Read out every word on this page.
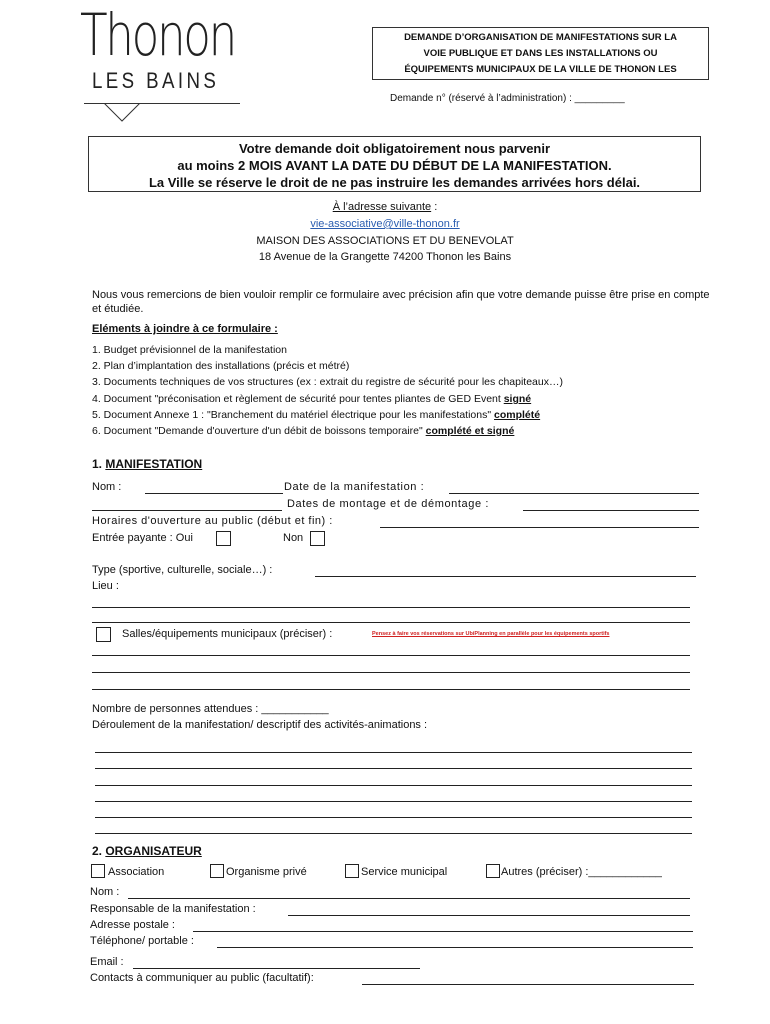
Thonon
LES BAINS
DEMANDE D’ORGANISATION DE MANIFESTATIONS SUR LA
VOIE PUBLIQUE ET DANS LES INSTALLATIONS OU
ÉQUIPEMENTS MUNICIPAUX DE LA VILLE DE THONON LES
Demande n° (réservé à l’administration) : _________
Votre demande doit obligatoirement nous parvenir
au moins 2 MOIS AVANT LA DATE DU DÉBUT DE LA MANIFESTATION.
La Ville se réserve le droit de ne pas instruire les demandes arrivées hors délai.
À l’adresse suivante :
vie-associative@ville-thonon.fr
MAISON DES ASSOCIATIONS ET DU BENEVOLAT
18 Avenue de la Grangette 74200 Thonon les Bains
Nous vous remercions de bien vouloir remplir ce formulaire avec précision afin que votre demande puisse être prise en compte et étudiée.
Eléments à joindre à ce formulaire :
1. Budget prévisionnel de la manifestation
2. Plan d’implantation des installations (précis et métré)
3. Documents techniques de vos structures (ex : extrait du registre de sécurité pour les chapiteaux…)
4. Document "préconisation et règlement de sécurité pour tentes pliantes de GED Event signé
5. Document Annexe 1 : "Branchement du matériel électrique pour les manifestations" complété
6. Document "Demande d'ouverture d'un débit de boissons temporaire" complété et signé
1. MANIFESTATION
Nom :	Date de la manifestation :
Dates de montage et de démontage :
Horaires d'ouverture au public (début et fin) :
Entrée payante : Oui	Non
Type (sportive, culturelle, sociale…) :
Lieu :
Salles/équipements municipaux (préciser) :	Pensez à faire vos réservations sur UbiPlanning en parallèle pour les équipements sportifs
Nombre de personnes attendues : ___________
Déroulement de la manifestation/ descriptif des activités-animations :
2. ORGANISATEUR
Association	Organisme privé	Service municipal	Autres (préciser) :____________
Nom :
Responsable de la manifestation :
Adresse postale :
Téléphone/ portable :
Email :
Contacts à communiquer au public (facultatif):
